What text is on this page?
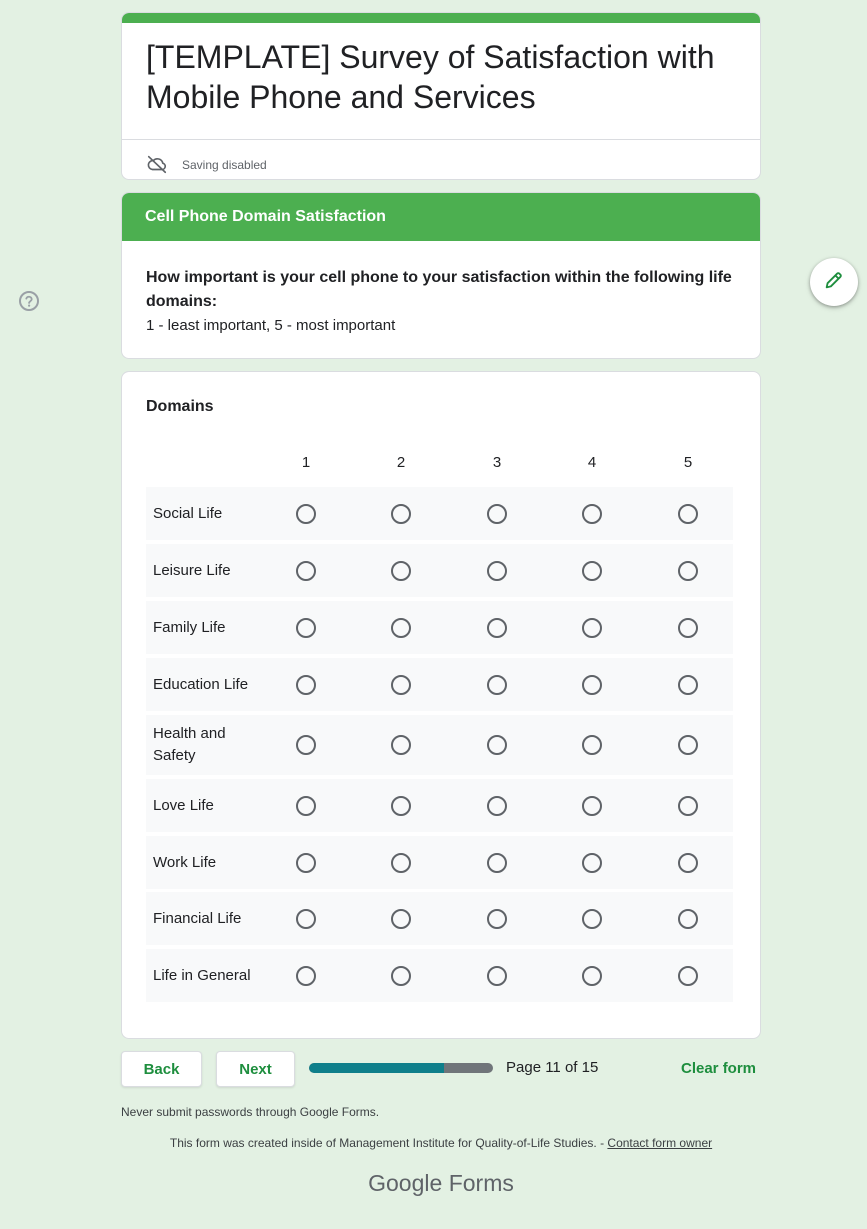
[TEMPLATE] Survey of Satisfaction with Mobile Phone and Services
Saving disabled
Cell Phone Domain Satisfaction
How important is your cell phone to your satisfaction within the following life domains:
1 - least important, 5 - most important
Domains
1	2	3	4	5
Social Life
Leisure Life
Family Life
Education Life
Health and Safety
Love Life
Work Life
Financial Life
Life in General
Back	Next	Page 11 of 15	Clear form
Never submit passwords through Google Forms.
This form was created inside of Management Institute for Quality-of-Life Studies. - Contact form owner
Google Forms
